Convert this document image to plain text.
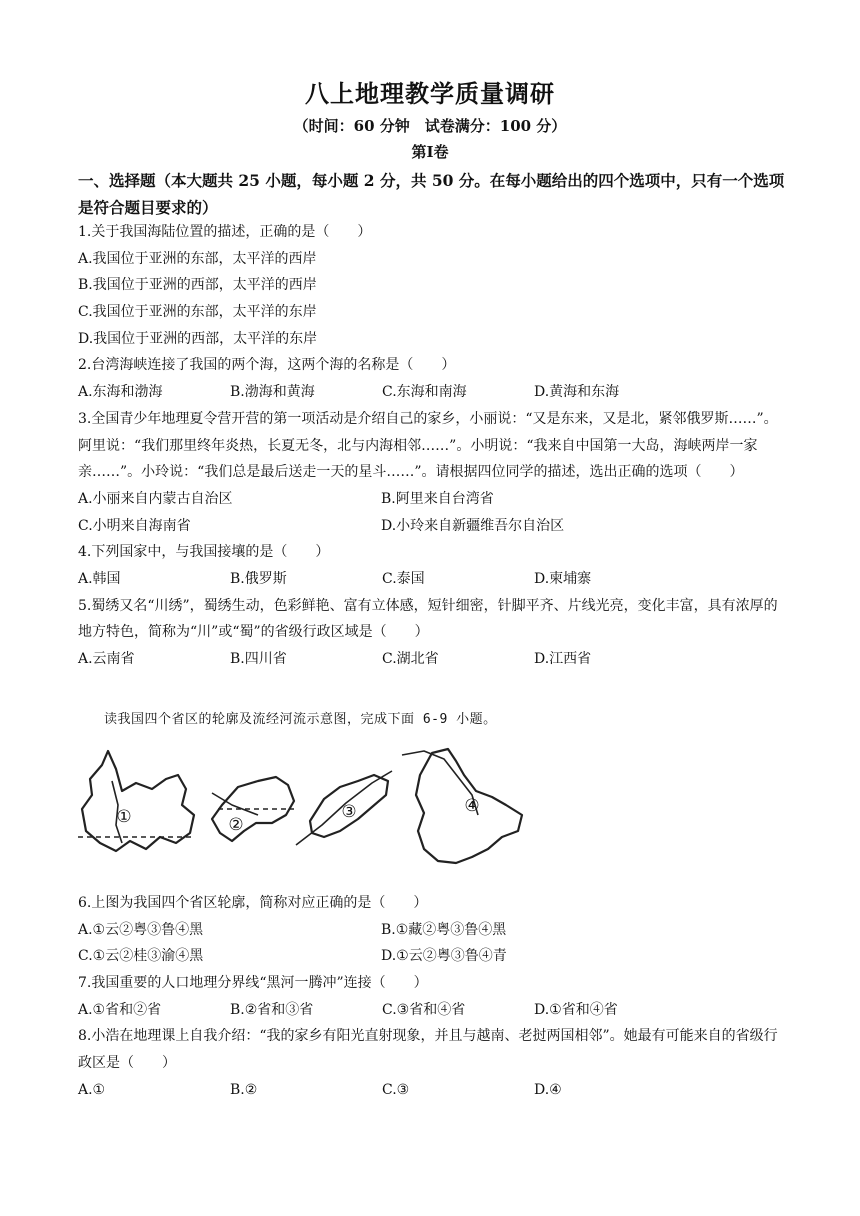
八上地理教学质量调研
（时间：60 分钟　试卷满分：100 分）
第Ⅰ卷
一、选择题（本大题共 25 小题，每小题 2 分，共 50 分。在每小题给出的四个选项中，只有一个选项是符合题目要求的）
1.关于我国海陆位置的描述，正确的是（　　）
A.我国位于亚洲的东部，太平洋的西岸
B.我国位于亚洲的西部，太平洋的西岸
C.我国位于亚洲的东部，太平洋的东岸
D.我国位于亚洲的西部，太平洋的东岸
2.台湾海峡连接了我国的两个海，这两个海的名称是（　　）
A.东海和渤海	B.渤海和黄海	C.东海和南海	D.黄海和东海
3.全国青少年地理夏令营开营的第一项活动是介绍自己的家乡，小丽说：“又是东来，又是北，紧邻俄罗斯……”。阿里说：“我们那里终年炎热，长夏无冬，北与内海相邻……”。小明说：“我来自中国第一大岛，海峡两岸一家亲……”。小玲说：“我们总是最后送走一天的星斗……”。请根据四位同学的描述，选出正确的选项（　　）
A.小丽来自内蒙古自治区	B.阿里来自台湾省
C.小明来自海南省	D.小玲来自新疆维吾尔自治区
4.下列国家中，与我国接壤的是（　　）
A.韩国	B.俄罗斯	C.泰国	D.柬埔寨
5.蜀绣又名“川绣”，蜀绣生动，色彩鲜艳、富有立体感，短针细密，针脚平齐、片线光亮，变化丰富，具有浓厚的地方特色，简称为“川”或“蜀”的省级行政区域是（　　）
A.云南省	B.四川省	C.湖北省	D.江西省
读我国四个省区的轮廓及流经河流示意图，完成下面 6-9 小题。
①	②
③	④
6.上图为我国四个省区轮廓，简称对应正确的是（　　）
A.①云②粤③鲁④黑	B.①藏②粤③鲁④黑
C.①云②桂③渝④黑	D.①云②粤③鲁④青
7.我国重要的人口地理分界线“黑河一腾冲”连接（　　）
A.①省和②省	B.②省和③省	C.③省和④省	D.①省和④省
8.小浩在地理课上自我介绍：“我的家乡有阳光直射现象，并且与越南、老挝两国相邻”。她最有可能来自的省级行政区是（　　）
A.①	B.②	C.③	D.④
